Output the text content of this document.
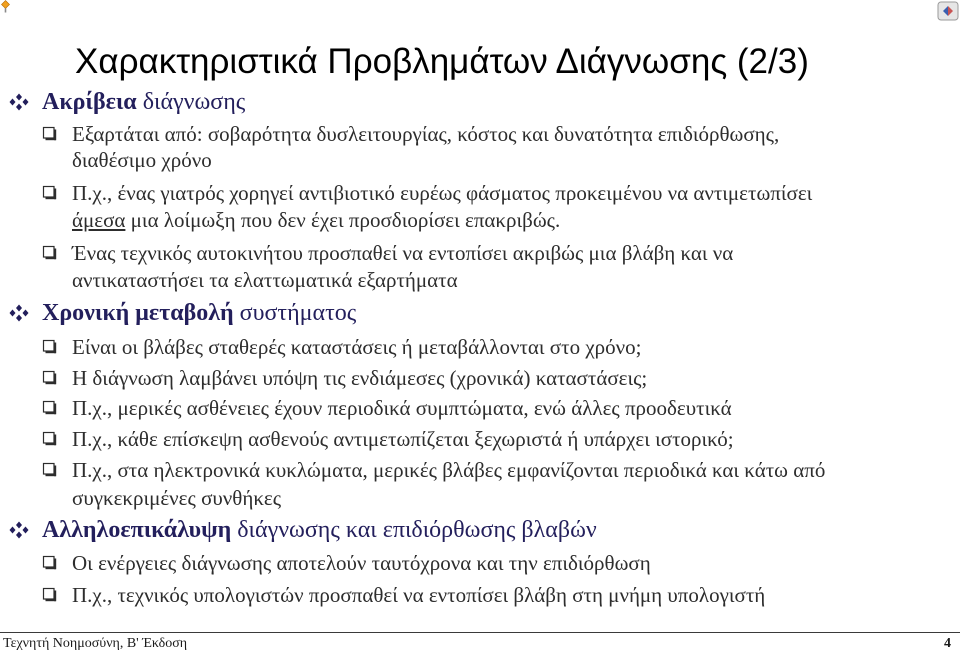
Χαρακτηριστικά Προβλημάτων Διάγνωσης (2/3)
Ακρίβεια διάγνωσης
Εξαρτάται από: σοβαρότητα δυσλειτουργίας, κόστος και δυνατότητα επιδιόρθωσης,
διαθέσιμο χρόνο
Π.χ., ένας γιατρός χορηγεί αντιβιοτικό ευρέως φάσματος προκειμένου να αντιμετωπίσει
άμεσα μια λοίμωξη που δεν έχει προσδιορίσει επακριβώς.
Ένας τεχνικός αυτοκινήτου προσπαθεί να εντοπίσει ακριβώς μια βλάβη και να
αντικαταστήσει τα ελαττωματικά εξαρτήματα
Χρονική μεταβολή συστήματος
Είναι οι βλάβες σταθερές καταστάσεις ή μεταβάλλονται στο χρόνο;
Η διάγνωση λαμβάνει υπόψη τις ενδιάμεσες (χρονικά) καταστάσεις;
Π.χ., μερικές ασθένειες έχουν περιοδικά συμπτώματα, ενώ άλλες προοδευτικά
Π.χ., κάθε επίσκεψη ασθενούς αντιμετωπίζεται ξεχωριστά ή υπάρχει ιστορικό;
Π.χ., στα ηλεκτρονικά κυκλώματα, μερικές βλάβες εμφανίζονται περιοδικά και κάτω από
συγκεκριμένες συνθήκες
Αλληλοεπικάλυψη διάγνωσης και επιδιόρθωσης βλαβών
Οι ενέργειες διάγνωσης αποτελούν ταυτόχρονα και την επιδιόρθωση
Π.χ., τεχνικός υπολογιστών προσπαθεί να εντοπίσει βλάβη στη μνήμη υπολογιστή
Τεχνητή Νοημοσύνη, Β' Έκδοση	4
